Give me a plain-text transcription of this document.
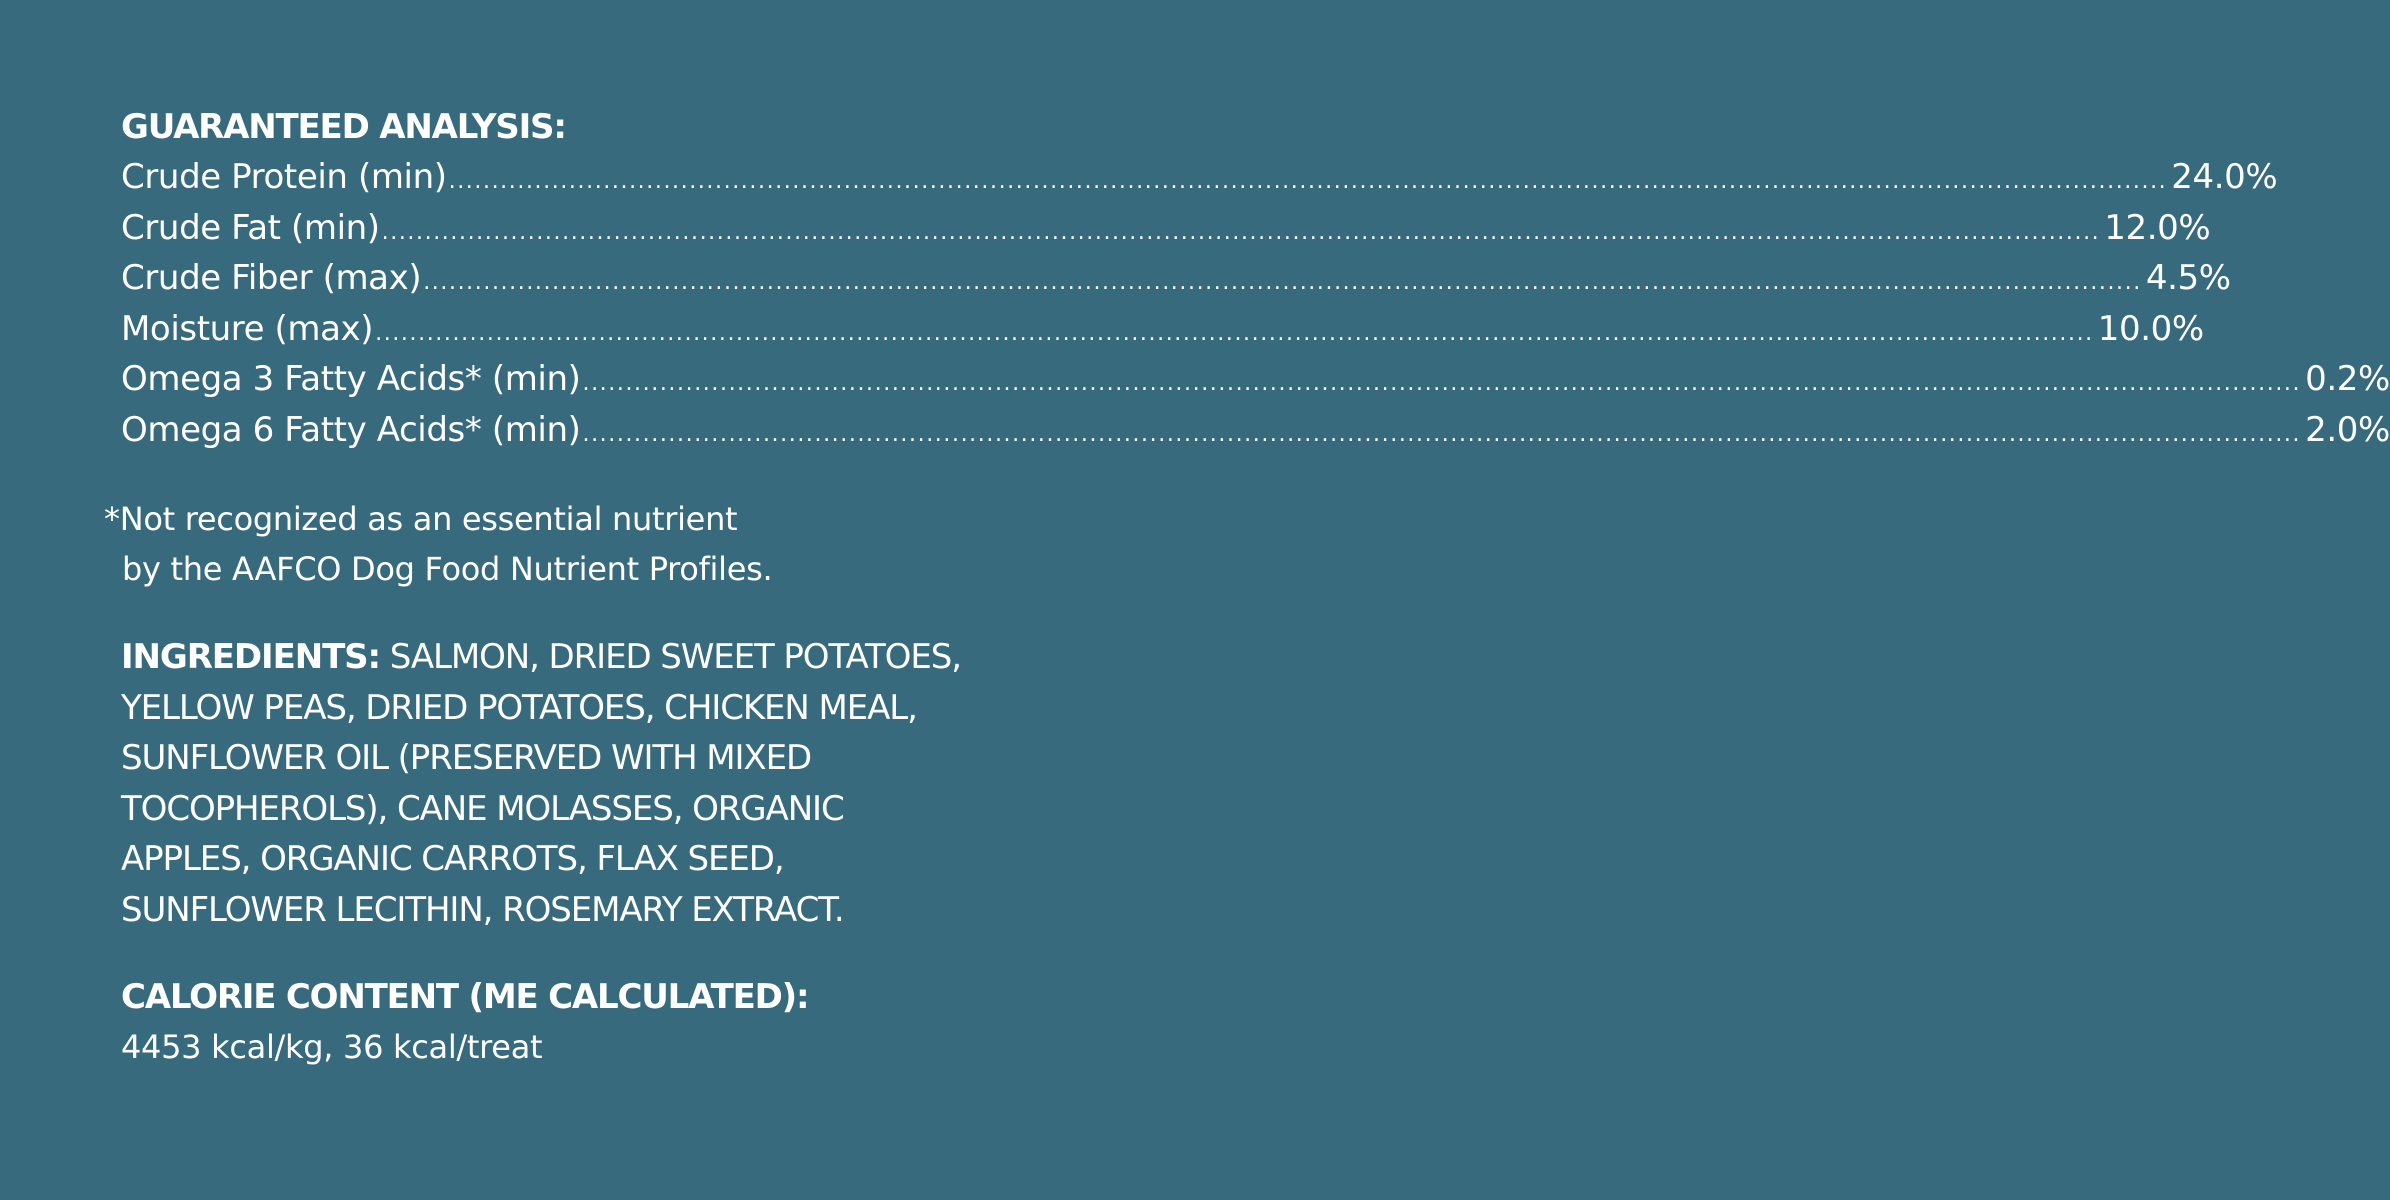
GUARANTEED ANALYSIS:
Crude Protein (min) ........................................................................................................................................................................................................ 24.0%
Crude Fat (min) ........................................................................................................................................................................................................ 12.0%
Crude Fiber (max) ........................................................................................................................................................................................................ 4.5%
Moisture (max) ........................................................................................................................................................................................................ 10.0%
Omega 3 Fatty Acids* (min) ........................................................................................................................................................................................................ 0.2%
Omega 6 Fatty Acids* (min) ........................................................................................................................................................................................................ 2.0%
*Not recognized as an essential nutrient
by the AAFCO Dog Food Nutrient Profiles.
INGREDIENTS: SALMON, DRIED SWEET POTATOES,
YELLOW PEAS, DRIED POTATOES, CHICKEN MEAL,
SUNFLOWER OIL (PRESERVED WITH MIXED
TOCOPHEROLS), CANE MOLASSES, ORGANIC
APPLES, ORGANIC CARROTS, FLAX SEED,
SUNFLOWER LECITHIN, ROSEMARY EXTRACT.
CALORIE CONTENT (ME CALCULATED):
4453 kcal/kg, 36 kcal/treat
